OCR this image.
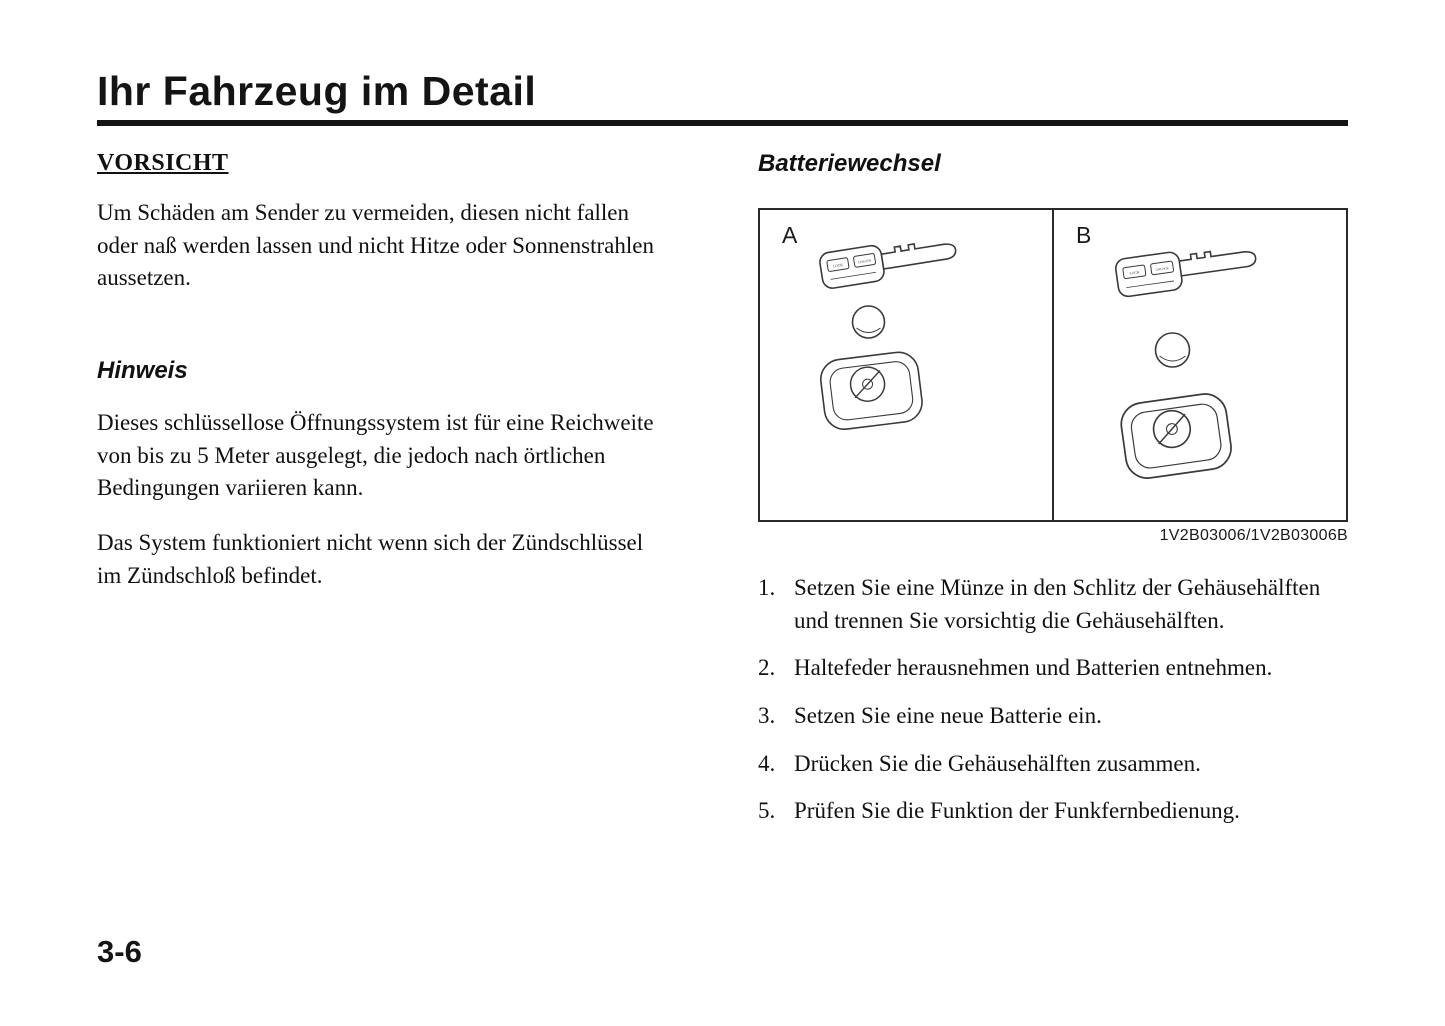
Ihr Fahrzeug im Detail
VORSICHT

Um Schäden am Sender zu vermeiden, diesen nicht fallen oder naß werden lassen und nicht Hitze oder Sonnenstrahlen aussetzen.

Hinweis

Dieses schlüssellose Öffnungssystem ist für eine Reichweite von bis zu 5 Meter ausgelegt, die jedoch nach örtlichen Bedingungen variieren kann.

Das System funktioniert nicht wenn sich der Zündschlüssel im Zündschloß befindet.

Batteriewechsel
LOCK
UNLOCK
A
LOCK
UNLOCK
B
1V2B03006/1V2B03006B
1. Setzen Sie eine Münze in den Schlitz der Gehäusehälften und trennen Sie vorsichtig die Gehäusehälften.
2. Haltefeder herausnehmen und Batterien entnehmen.
3. Setzen Sie eine neue Batterie ein.
4. Drücken Sie die Gehäusehälften zusammen.
5. Prüfen Sie die Funktion der Funkfernbedienung.
3-6
